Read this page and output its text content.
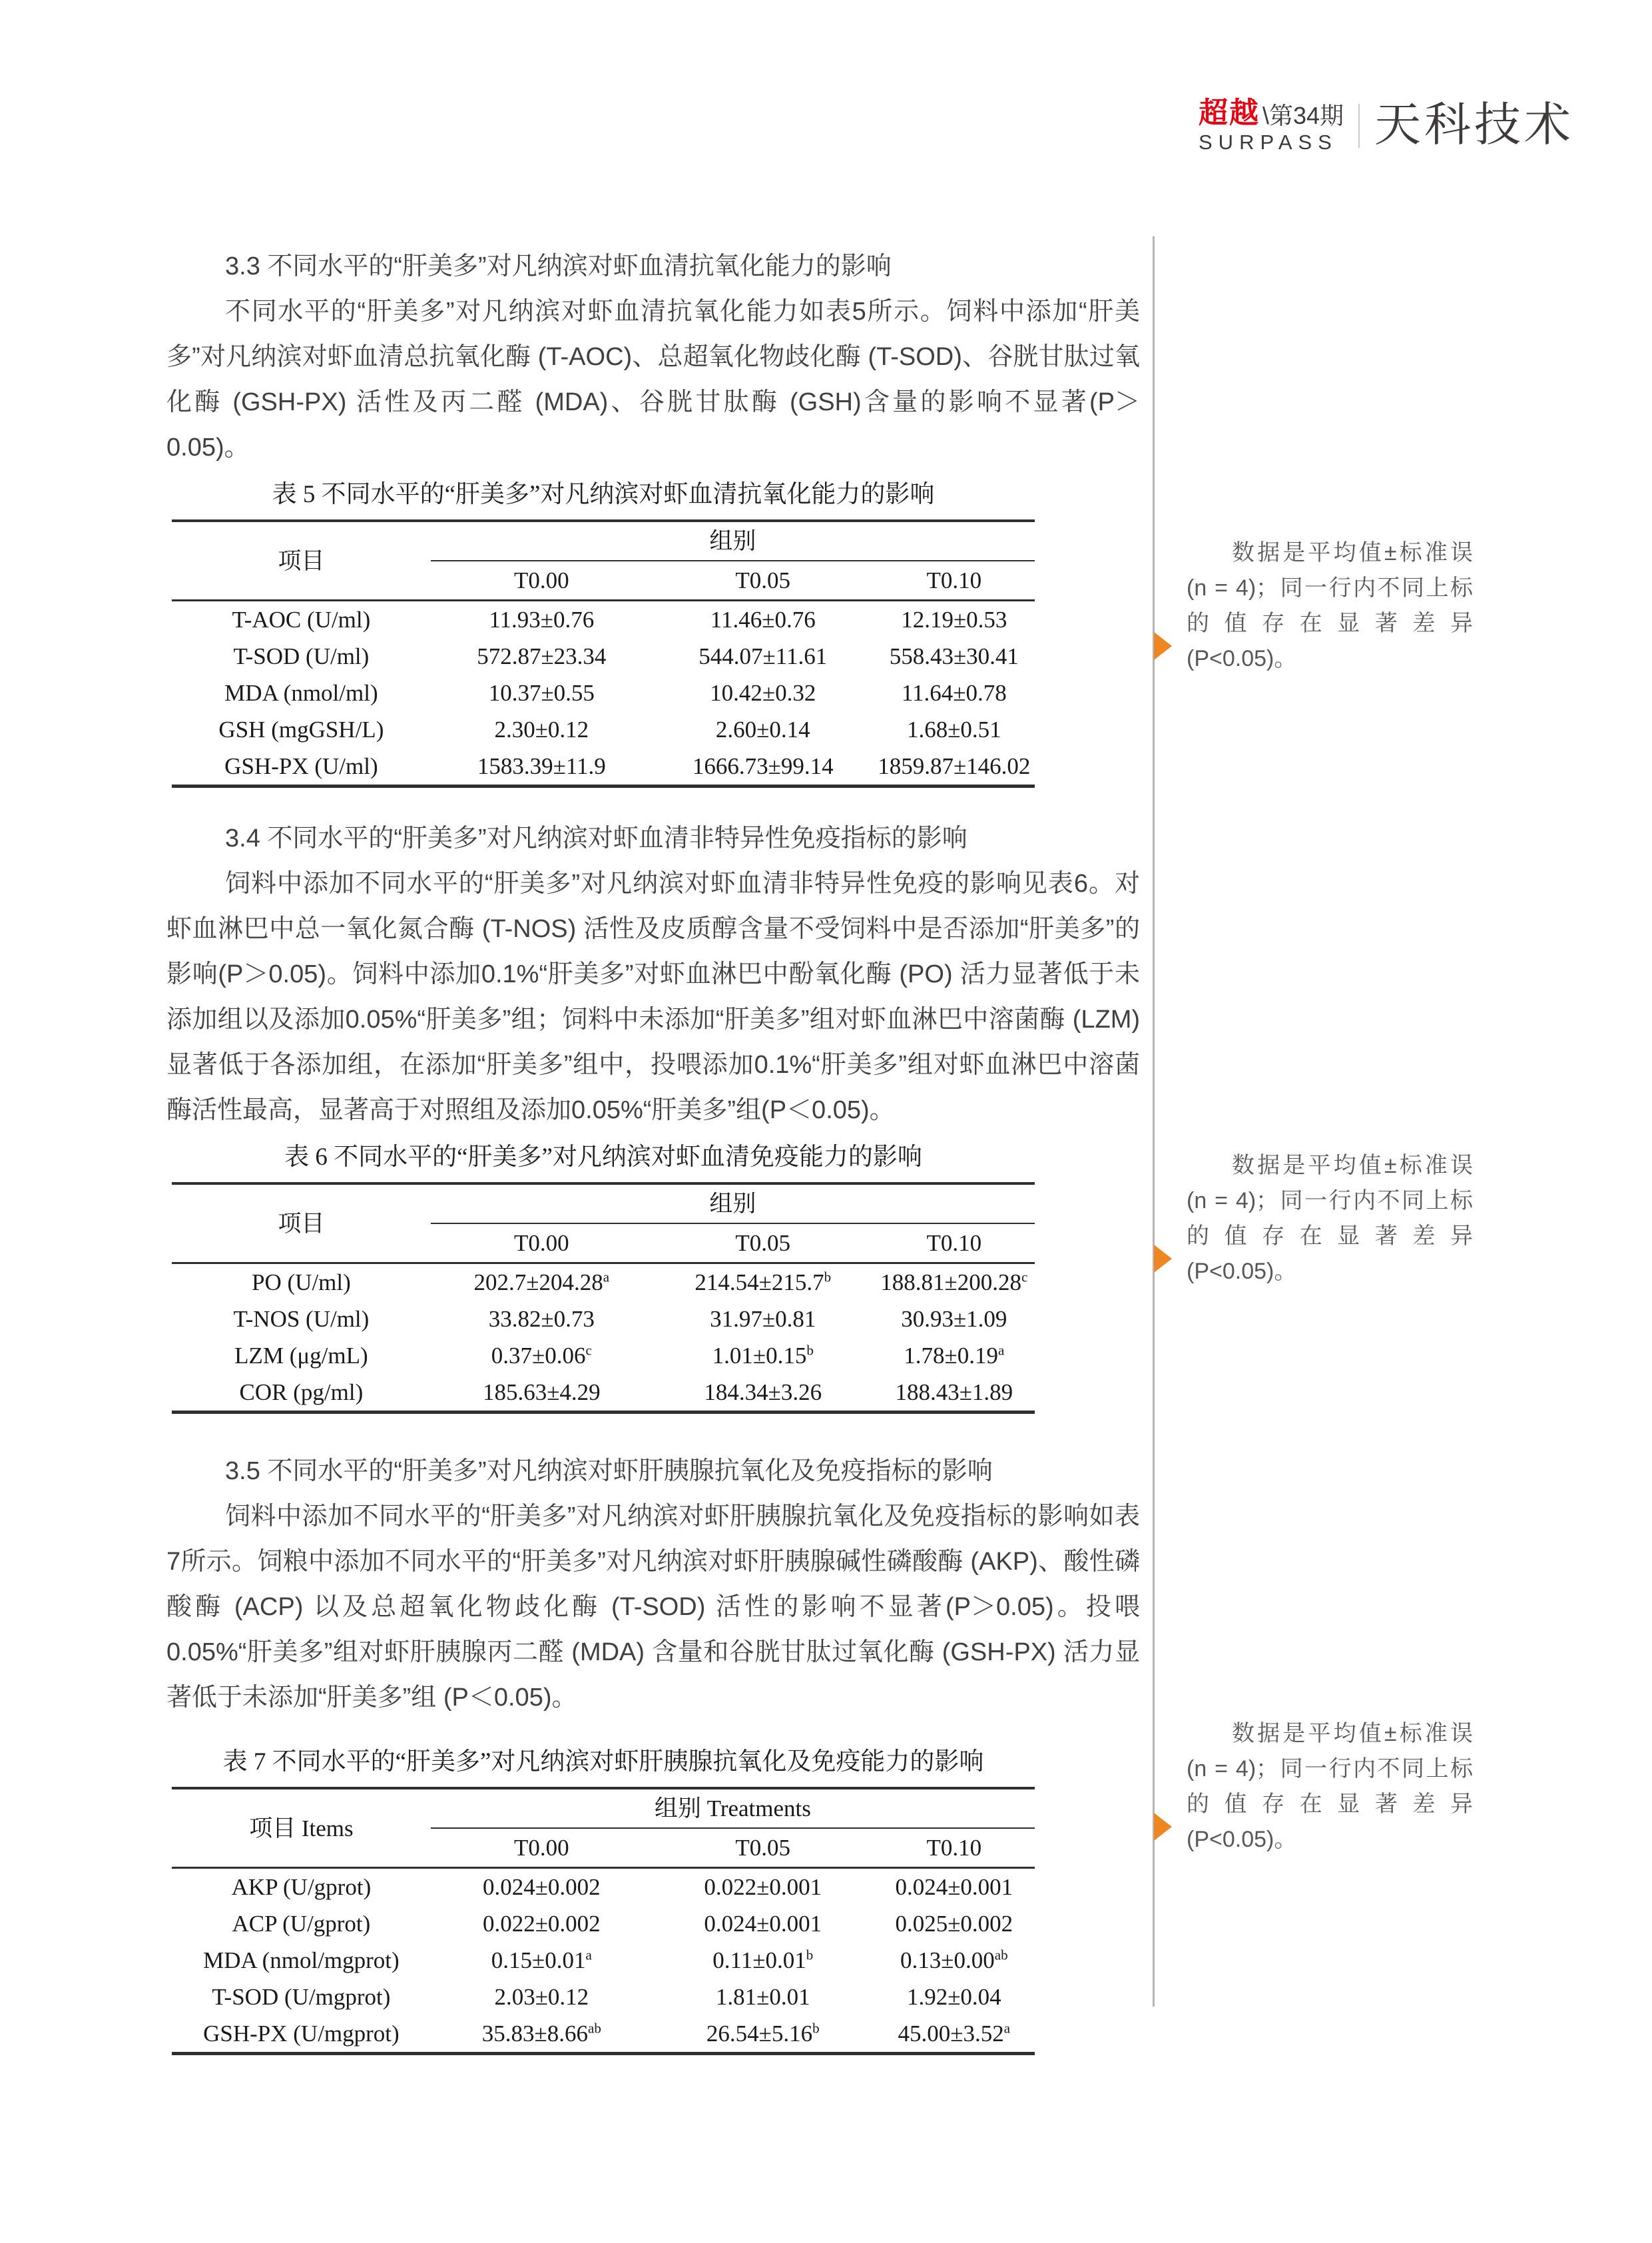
超越 \第34期
SURPASS 天科技术
3.3 不同水平的“肝美多”对凡纳滨对虾血清抗氧化能力的影响

不同水平的“肝美多”对凡纳滨对虾血清抗氧化能力如表5所示。饲料中添加“肝美多”对凡纳滨对虾血清总抗氧化酶 (T-AOC)、总超氧化物歧化酶 (T-SOD)、谷胱甘肽过氧化酶 (GSH-PX) 活性及丙二醛 (MDA)、谷胱甘肽酶 (GSH)含量的影响不显著(P＞0.05)。

表 5 不同水平的“肝美多”对凡纳滨对虾血清抗氧化能力的影响
项目	组别		
	T0.00	T0.05	T0.10
T-AOC (U/ml)	11.93±0.76	11.46±0.76	12.19±0.53
T-SOD (U/ml)	572.87±23.34	544.07±11.61	558.43±30.41
MDA (nmol/ml)	10.37±0.55	10.42±0.32	11.64±0.78
GSH (mgGSH/L)	2.30±0.12	2.60±0.14	1.68±0.51
GSH-PX (U/ml)	1583.39±11.9	1666.73±99.14	1859.87±146.02
3.4 不同水平的“肝美多”对凡纳滨对虾血清非特异性免疫指标的影响

饲料中添加不同水平的“肝美多”对凡纳滨对虾血清非特异性免疫的影响见表6。对虾血淋巴中总一氧化氮合酶 (T-NOS) 活性及皮质醇含量不受饲料中是否添加“肝美多”的影响(P＞0.05)。饲料中添加0.1%“肝美多”对虾血淋巴中酚氧化酶 (PO) 活力显著低于未添加组以及添加0.05%“肝美多”组；饲料中未添加“肝美多”组对虾血淋巴中溶菌酶 (LZM) 显著低于各添加组，在添加“肝美多”组中，投喂添加0.1%“肝美多”组对虾血淋巴中溶菌酶活性最高，显著高于对照组及添加0.05%“肝美多”组(P＜0.05)。

表 6 不同水平的“肝美多”对凡纳滨对虾血清免疫能力的影响
项目	组别		
	T0.00	T0.05	T0.10
PO (U/ml)	202.7±204.28$^a$	214.54±215.7$^b$	188.81±200.28$^c$
T-NOS (U/ml)	33.82±0.73	31.97±0.81	30.93±1.09
LZM (μg/mL)	0.37±0.06$^c$	1.01±0.15$^b$	1.78±0.19$^a$
COR (pg/ml)	185.63±4.29	184.34±3.26	188.43±1.89
3.5 不同水平的“肝美多”对凡纳滨对虾肝胰腺抗氧化及免疫指标的影响

饲料中添加不同水平的“肝美多”对凡纳滨对虾肝胰腺抗氧化及免疫指标的影响如表7所示。饲粮中添加不同水平的“肝美多”对凡纳滨对虾肝胰腺碱性磷酸酶 (AKP)、酸性磷酸酶 (ACP) 以及总超氧化物歧化酶 (T-SOD) 活性的影响不显著(P＞0.05)。投喂0.05%“肝美多”组对虾肝胰腺丙二醛 (MDA) 含量和谷胱甘肽过氧化酶 (GSH-PX) 活力显著低于未添加“肝美多”组 (P＜0.05)。

表 7 不同水平的“肝美多”对凡纳滨对虾肝胰腺抗氧化及免疫能力的影响
项目 Items	组别 Treatments		
	T0.00	T0.05	T0.10
AKP (U/gprot)	0.024±0.002	0.022±0.001	0.024±0.001
ACP (U/gprot)	0.022±0.002	0.024±0.001	0.025±0.002
MDA (nmol/mgprot)	0.15±0.01$^a$	0.11±0.01$^b$	0.13±0.00$^{ab}$
T-SOD (U/mgprot)	2.03±0.12	1.81±0.01	1.92±0.04
GSH-PX (U/mgprot)	35.83±8.66$^{ab}$	26.54±5.16$^b$	45.00±3.52$^a$
数据是平均值±标准误 (n = 4)；同一行内不同上标的值存在显著差异 (P<0.05)。
数据是平均值±标准误 (n = 4)；同一行内不同上标的值存在显著差异 (P<0.05)。
数据是平均值±标准误 (n = 4)；同一行内不同上标的值存在显著差异 (P<0.05)。
